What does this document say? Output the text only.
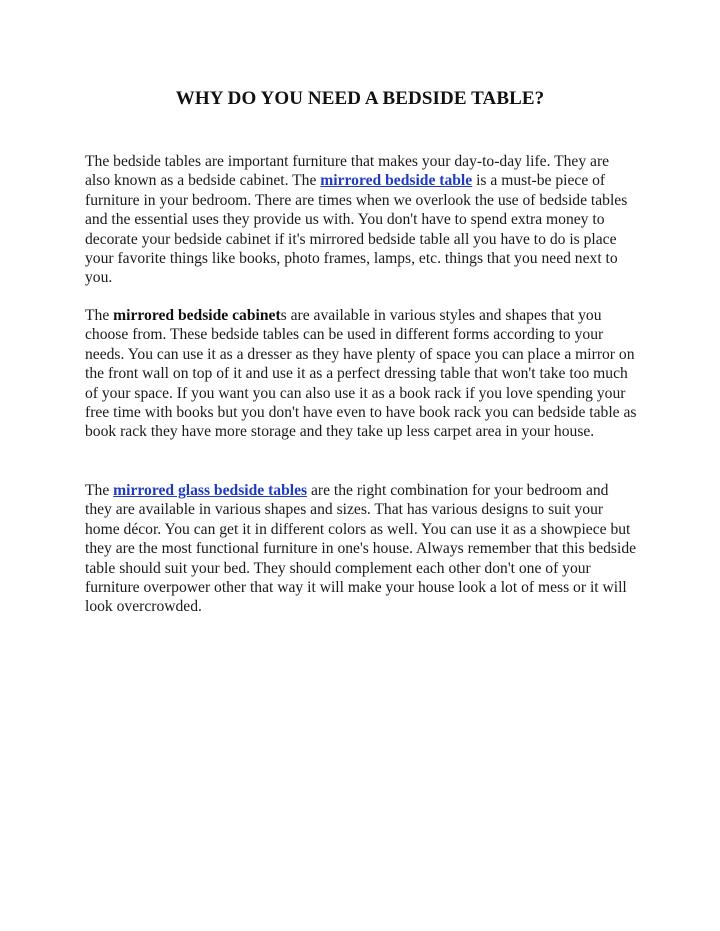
WHY DO YOU NEED A BEDSIDE TABLE?

The bedside tables are important furniture that makes your day-to-day life. They are also known as a bedside cabinet. The mirrored bedside table is a must-be piece of furniture in your bedroom. There are times when we overlook the use of bedside tables and the essential uses they provide us with. You don't have to spend extra money to decorate your bedside cabinet if it's mirrored bedside table all you have to do is place your favorite things like books, photo frames, lamps, etc. things that you need next to you.

The mirrored bedside cabinets are available in various styles and shapes that you choose from. These bedside tables can be used in different forms according to your needs. You can use it as a dresser as they have plenty of space you can place a mirror on the front wall on top of it and use it as a perfect dressing table that won't take too much of your space. If you want you can also use it as a book rack if you love spending your free time with books but you don't have even to have book rack you can bedside table as book rack they have more storage and they take up less carpet area in your house.

The mirrored glass bedside tables are the right combination for your bedroom and they are available in various shapes and sizes. That has various designs to suit your home décor. You can get it in different colors as well. You can use it as a showpiece but they are the most functional furniture in one's house. Always remember that this bedside table should suit your bed. They should complement each other don't one of your furniture overpower other that way it will make your house look a lot of mess or it will look overcrowded.
